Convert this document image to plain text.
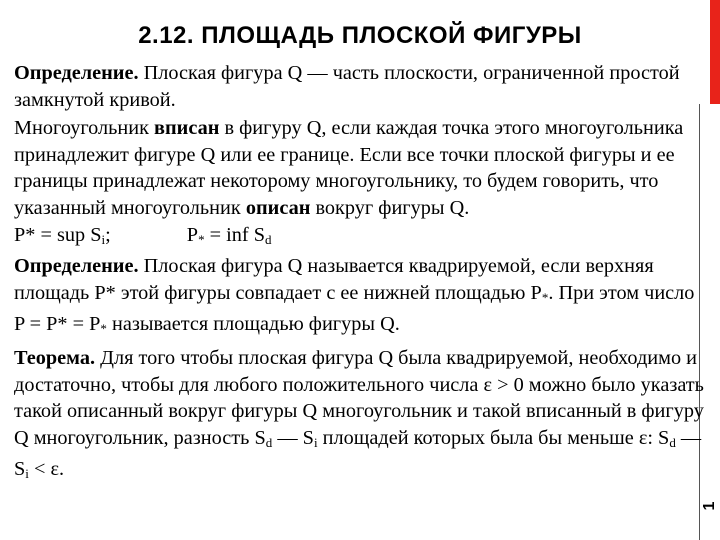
1
2.12. ПЛОЩАДЬ ПЛОСКОЙ ФИГУРЫ

Определение. Плоская фигура Q — часть плоскости, ограниченной простой замкнутой кривой.

Многоугольник вписан в фигуру Q, если каждая точка этого многоугольника принадлежит фигуре Q или ее границе. Если все точки плоской фигуры и ее границы принадлежат некоторому многоугольнику, то будем говорить, что указанный многоугольник описан вокруг фигуры Q.

P* = sup $S_i$;	$P_*$ = inf $S_d$

Определение. Плоская фигура Q называется квадрируемой, если верхняя площадь P* этой фигуры совпадает с ее нижней площадью $P_*$. При этом число $P = P* = P_*$ называется площадью фигуры Q.

Теорема. Для того чтобы плоская фигура Q была квадрируемой, необходимо и достаточно, чтобы для любого положительного числа ε > 0 можно было указать такой описанный вокруг фигуры Q многоугольник и такой вписанный в фигуру Q многоугольник, разность $S_d$ — $S_i$ площадей которых была бы меньше ε: $S_d$ — $S_i < \varepsilon$.
